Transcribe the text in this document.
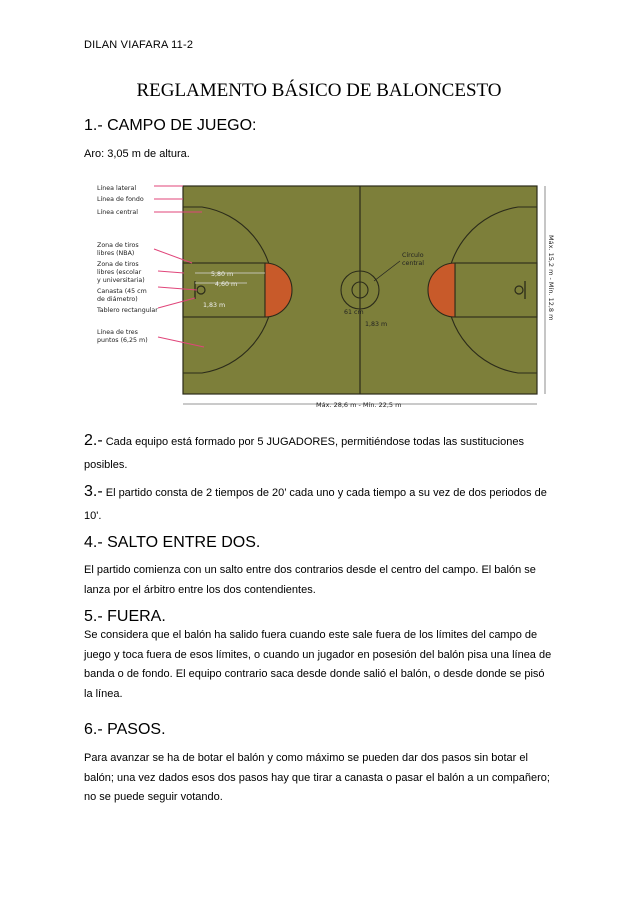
DILAN VIAFARA 11-2
REGLAMENTO BÁSICO DE BALONCESTO
1.- CAMPO DE JUEGO:
Aro: 3,05 m de altura.
Línea lateral
Línea de fondo
Línea central
Zona de tiros
libres (NBA)
Zona de tiros
libres (escolar
y universitaria)
Canasta (45 cm
de diámetro)
Tablero rectangular
Línea de tres
puntos (6,25 m)
5,80 m
4,60 m
1,83 m
Círculo
central
61 cm
1,83 m
Máx. 28,6 m - Mín. 22,5 m
Máx. 15,2 m - Mín. 12,8 m
2.- Cada equipo está formado por 5 JUGADORES, permitiéndose todas las sustituciones posibles.
3.- El partido consta de 2 tiempos de 20’ cada uno y cada tiempo a su vez de dos periodos de 10'.
4.- SALTO ENTRE DOS.
El partido comienza con un salto entre dos contrarios desde el centro del campo. El balón se lanza por el árbitro entre los dos contendientes.
5.- FUERA.
Se considera que el balón ha salido fuera cuando este sale fuera de los límites del campo de juego y toca fuera de esos límites, o cuando un jugador en posesión del balón pisa una línea de banda o de fondo. El equipo contrario saca desde donde salió el balón, o desde donde se pisó la línea.
6.- PASOS.
Para avanzar se ha de botar el balón y como máximo se pueden dar dos pasos sin botar el balón; una vez dados esos dos pasos hay que tirar a canasta o pasar el balón a un compañero; no se puede seguir votando.
